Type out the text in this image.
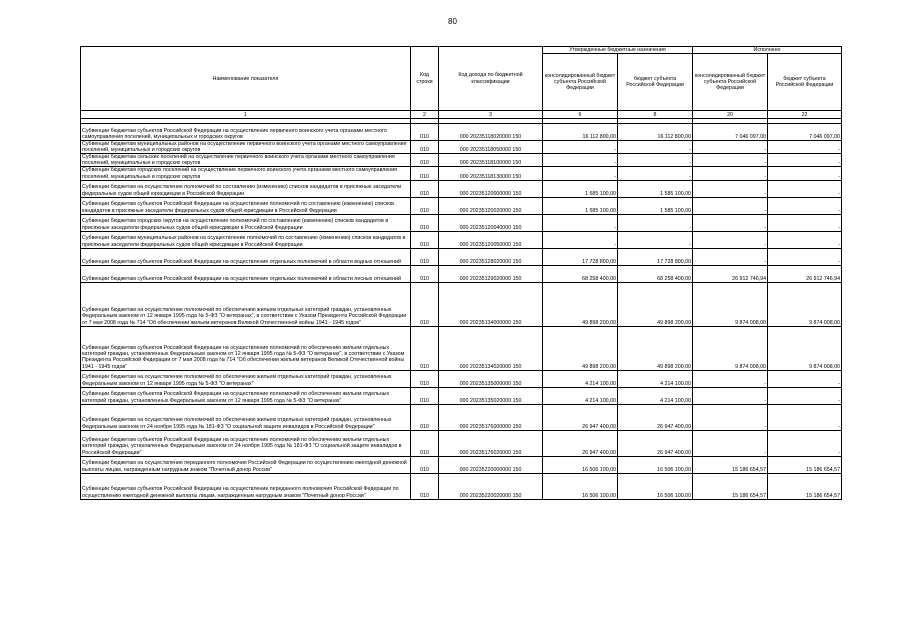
80
Наименование показателя	Код строки	Код дохода по бюджетной классификации	Утвержденные бюджетные назначения		Исполнено	
			консолидированный бюджет субъекта Российской Федерации	бюджет субъекта Российской Федерации	консолидированный бюджет субъекта Российской Федерации	бюджет субъекта Российской Федерации
1	2	3	6	8	20	22

Субвенции бюджетам субъектов Российской Федерации на осуществление первичного воинского учета органами местного самоуправления поселений, муниципальных и городских округов	010	000 20235118020000 150	16 112 800,00	16 112 800,00	7 046 097,00	7 046 097,00
Субвенции бюджетам муниципальных районов на осуществление первичного воинского учета органами местного самоуправления поселений, муниципальных и городских округов	010	000 20235118050000 150	-	-	-	-
Субвенции бюджетам сельских поселений на осуществление первичного воинского учета органами местного самоуправления поселений, муниципальных и городских округов	010	000 20235118100000 150	-	-	-	-
Субвенции бюджетам городских поселений на осуществление первичного воинского учета органами местного самоуправления поселений, муниципальных и городских округов	010	000 20235118130000 150	-	-	-	-
Субвенции бюджетам на осуществление полномочий по составлению (изменению) списков кандидатов в присяжные заседатели федеральных судов общей юрисдикции в Российской Федерации	010	000 20235120000000 150	1 585 100,00	1 585 100,00	-	-
Субвенции бюджетам субъектов Российской Федерации на осуществление полномочий по составлению (изменению) списков кандидатов в присяжные заседатели федеральных судов общей юрисдикции в Российской Федерации	010	000 20235120020000 150	1 585 100,00	1 585 100,00	-	-
Субвенции бюджетам городских округов на осуществление полномочий по составлению (изменению) списков кандидатов в присяжные заседатели федеральных судов общей юрисдикции в Российской Федерации	010	000 20235120040000 150	-	-	-	-
Субвенции бюджетам муниципальных районов на осуществление полномочий по составлению (изменению) списков кандидатов в присяжные заседатели федеральных судов общей юрисдикции в Российской Федерации	010	000 20235120050000 150	-	-	-	-
Субвенции бюджетам субъектов Российской Федерации на осуществление отдельных полномочий в области водных отношений	010	000 20235128020000 150	17 728 800,00	17 728 800,00	-	-
Субвенции бюджетам субъектов Российской Федерации на осуществление отдельных полномочий в области лесных отношений	010	000 20235129020000 150	68 258 400,00	68 258 400,00	26 912 746,94	26 912 746,94
Субвенции бюджетам на осуществление полномочий по обеспечению жильем отдельных категорий граждан, установленных Федеральным законом от 12 января 1995 года № 5-ФЗ "О ветеранах", в соответствии с Указом Президента Российской Федерации от 7 мая 2008 года № 714 "Об обеспечении жильем ветеранов Великой Отечественной войны 1941 - 1945 годов"	010	000 20235134000000 150	49 898 200,00	49 898 200,00	9 874 008,00	9 874 008,00
Субвенции бюджетам субъектов Российской Федерации на осуществление полномочий по обеспечению жильем отдельных категорий граждан, установленных Федеральным законом от 12 января 1995 года № 5-ФЗ "О ветеранах", в соответствии с Указом Президента Российской Федерации от 7 мая 2008 года № 714 "Об обеспечении жильем ветеранов Великой Отечественной войны 1941 - 1945 годов"	010	000 20235134020000 150	49 898 200,00	49 898 200,00	9 874 008,00	9 874 008,00
Субвенции бюджетам на осуществление полномочий по обеспечению жильем отдельных категорий граждан, установленных Федеральным законом от 12 января 1995 года № 5-ФЗ "О ветеранах"	010	000 20235135000000 150	4 214 100,00	4 214 100,00	-	-
Субвенции бюджетам субъектов Российской Федерации на осуществление полномочий по обеспечению жильем отдельных категорий граждан, установленных Федеральным законом от 12 января 1995 года № 5-ФЗ "О ветеранах"	010	000 20235135020000 150	4 214 100,00	4 214 100,00	-	-
Субвенции бюджетам на осуществление полномочий по обеспечению жильем отдельных категорий граждан, установленных Федеральным законом от 24 ноября 1995 года № 181-ФЗ "О социальной защите инвалидов в Российской Федерации"	010	000 20235176000000 150	26 947 400,00	26 947 400,00	-	-
Субвенции бюджетам субъектов Российской Федерации на осуществление полномочий по обеспечению жильем отдельных категорий граждан, установленных Федеральным законом от 24 ноября 1995 года № 181-ФЗ "О социальной защите инвалидов в Российской Федерации"	010	000 20235176020000 150	26 947 400,00	26 947 400,00	-	-
Субвенции бюджетам на осуществление переданного полномочия Российской Федерации по осуществлению ежегодной денежной выплаты лицам, награжденным нагрудным знаком "Почетный донор России"	010	000 20235220000000 150	16 506 100,00	16 506 100,00	15 186 654,57	15 186 654,57
Субвенции бюджетам субъектов Российской Федерации на осуществление переданного полномочия Российской Федерации по осуществлению ежегодной денежной выплаты лицам, награжденным нагрудным знаком "Почетный донор России"	010	000 20235220020000 150	16 506 100,00	16 506 100,00	15 186 654,57	15 186 654,57
